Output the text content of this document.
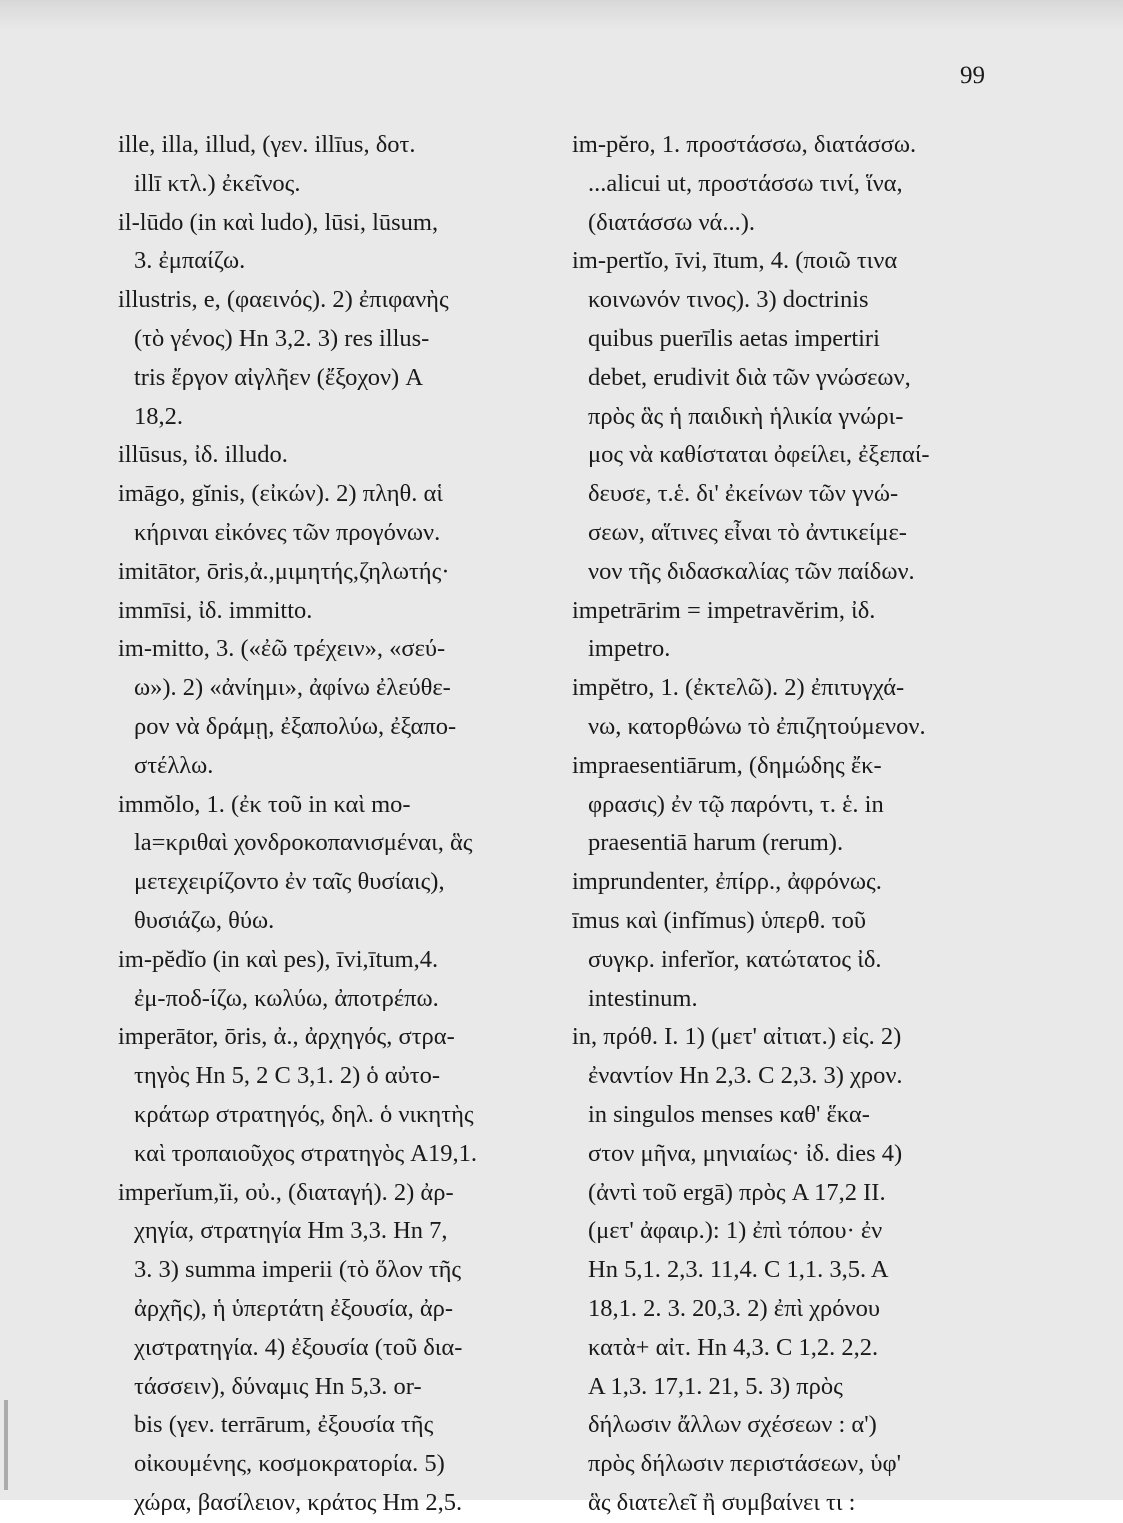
99
ille, illa, illud, (γεν. illīus, δοτ.
illī κτλ.) ἐκεῖνος.
il-lūdo (in καὶ ludo), lūsi, lūsum,
3. ἐμπαίζω.
illustris, e, (φαεινός). 2) ἐπιφανὴς
(τὸ γένος) Hn 3,2. 3) res illus-
tris ἔργον αἰγλῆεν (ἔξοχον) A
18,2.
illūsus, ἰδ. illudo.
imāgo, gĭnis, (εἰκών). 2) πληθ. αἱ
κήριναι εἰκόνες τῶν προγόνων.
imitātor, ōris,ἀ.,μιμητής,ζηλωτής·
immīsi, ἰδ. immitto.
im-mitto, 3. («ἐῶ τρέχειν», «σεύ-
ω»). 2) «ἀνίημι», ἀφίνω ἐλεύθε-
ρον νὰ δράμῃ, ἐξαπολύω, ἐξαπο-
στέλλω.
immŏlo, 1. (ἐκ τοῦ in καὶ mo-
la=κριθαὶ χονδροκοπανισμέναι, ἃς
μετεχειρίζοντο ἐν ταῖς θυσίαις),
θυσιάζω, θύω.
im-pĕdĭo (in καὶ pes), īvi,ītum,4.
ἐμ-ποδ-ίζω, κωλύω, ἀποτρέπω.
imperātor, ōris, ἀ., ἀρχηγός, στρα-
τηγὸς Hn 5, 2 C 3,1. 2) ὁ αὐτο-
κράτωρ στρατηγός, δηλ. ὁ νικητὴς
καὶ τροπαιοῦχος στρατηγὸς A19,1.
imperĭum,ĭi, οὐ., (διαταγή). 2) ἀρ-
χηγία, στρατηγία Hm 3,3. Hn 7,
3. 3) summa imperii (τὸ ὅλον τῆς
ἀρχῆς), ἡ ὑπερτάτη ἐξουσία, ἀρ-
χιστρατηγία. 4) ἐξουσία (τοῦ δια-
τάσσειν), δύναμις Hn 5,3. or-
bis (γεν. terrārum, ἐξουσία τῆς
οἰκουμένης, κοσμοκρατορία. 5)
χώρα, βασίλειον, κράτος Hm 2,5.
im-pĕro, 1. προστάσσω, διατάσσω.
...alicui ut, προστάσσω τινί, ἵνα,
(διατάσσω νά...).
im-pertĭo, īvi, ītum, 4. (ποιῶ τινα
κοινωνόν τινος). 3) doctrinis
quibus puerīlis aetas impertiri
debet, erudivit διὰ τῶν γνώσεων,
πρὸς ἃς ἡ παιδικὴ ἡλικία γνώρι-
μος νὰ καθίσταται ὀφείλει, ἐξεπαί-
δευσε, τ.ἑ. δι' ἐκείνων τῶν γνώ-
σεων, αἵτινες εἶναι τὸ ἀντικείμε-
νον τῆς διδασκαλίας τῶν παίδων.
impetrārim = impetravĕrim, ἰδ.
impetro.
impĕtro, 1. (ἐκτελῶ). 2) ἐπιτυγχά-
νω, κατορθώνω τὸ ἐπιζητούμενον.
impraesentiārum, (δημώδης ἔκ-
φρασις) ἐν τῷ παρόντι, τ. ἑ. in
praesentiā harum (rerum).
imprundenter, ἐπίρρ., ἀφρόνως.
īmus καὶ (infĭmus) ὑπερθ. τοῦ
συγκρ. inferĭor, κατώτατος ἰδ.
intestinum.
in, πρόθ. I. 1) (μετ' αἰτιατ.) εἰς. 2)
ἐναντίον Hn 2,3. C 2,3. 3) χρον.
in singulos menses καθ' ἕκα-
στον μῆνα, μηνιαίως· ἰδ. dies 4)
(ἀντὶ τοῦ ergā) πρὸς A 17,2 II.
(μετ' ἀφαιρ.): 1) ἐπὶ τόπου· ἐν
Hn 5,1. 2,3. 11,4. C 1,1. 3,5. A
18,1. 2. 3. 20,3. 2) ἐπὶ χρόνου
κατὰ+ αἰτ. Hn 4,3. C 1,2. 2,2.
A 1,3. 17,1. 21, 5. 3) πρὸς
δήλωσιν ἄλλων σχέσεων : α')
πρὸς δήλωσιν περιστάσεων, ὑφ'
ἃς διατελεῖ ἢ συμβαίνει τι :
